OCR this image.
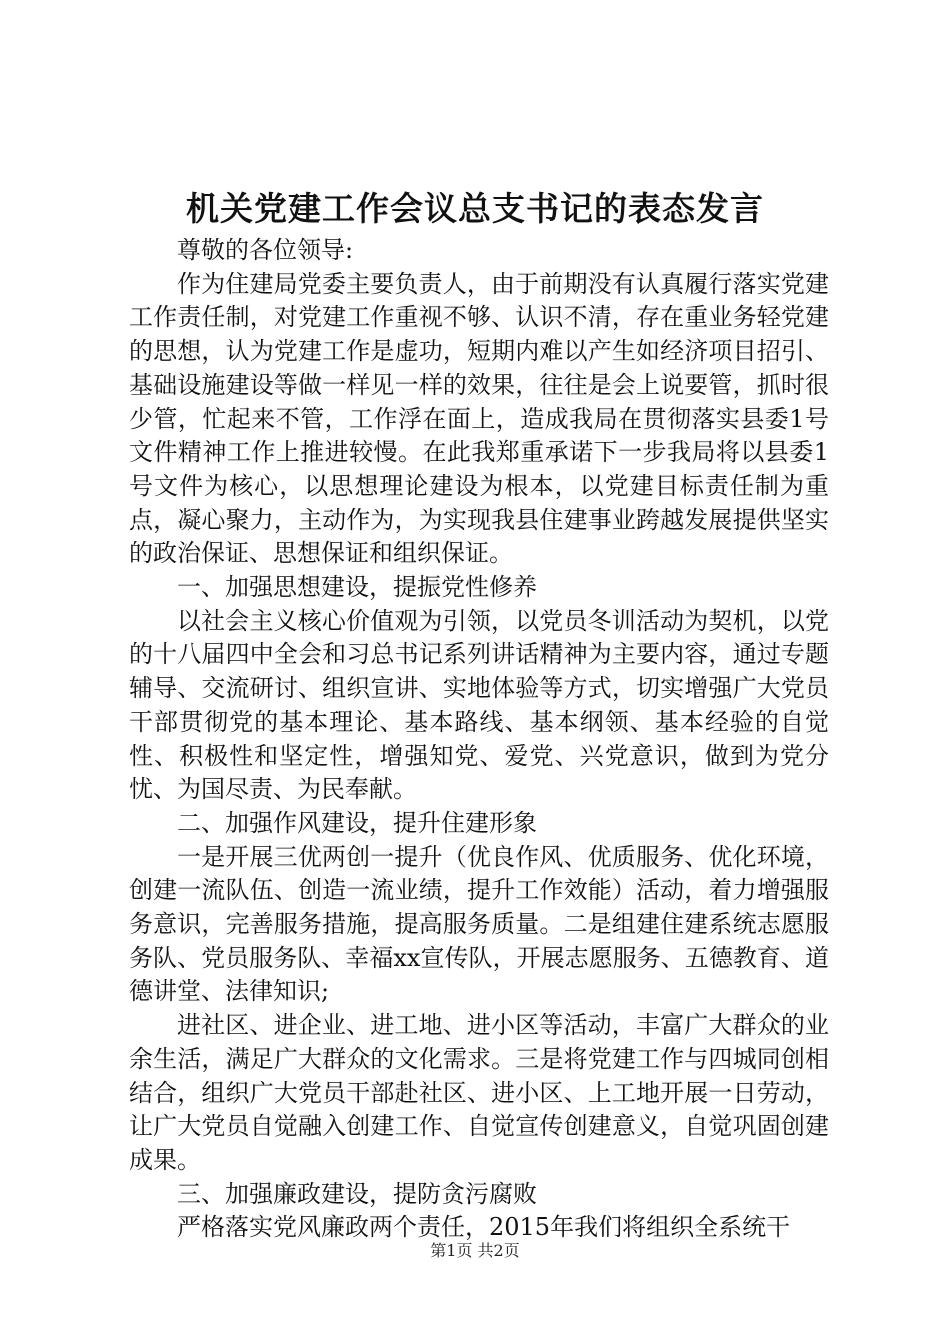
机关党建工作会议总支书记的表态发言

尊敬的各位领导:

作为住建局党委主要负责人，由于前期没有认真履行落实党建工作责任制，对党建工作重视不够、认识不清，存在重业务轻党建的思想，认为党建工作是虚功，短期内难以产生如经济项目招引、基础设施建设等做一样见一样的效果，往往是会上说要管，抓时很少管，忙起来不管，工作浮在面上，造成我局在贯彻落实县委1号文件精神工作上推进较慢。在此我郑重承诺下一步我局将以县委1号文件为核心，以思想理论建设为根本，以党建目标责任制为重点，凝心聚力，主动作为，为实现我县住建事业跨越发展提供坚实的政治保证、思想保证和组织保证。

一、加强思想建设，提振党性修养

以社会主义核心价值观为引领，以党员冬训活动为契机，以党的十八届四中全会和习总书记系列讲话精神为主要内容，通过专题辅导、交流研讨、组织宣讲、实地体验等方式，切实增强广大党员干部贯彻党的基本理论、基本路线、基本纲领、基本经验的自觉性、积极性和坚定性，增强知党、爱党、兴党意识，做到为党分忧、为国尽责、为民奉献。

二、加强作风建设，提升住建形象

一是开展三优两创一提升（优良作风、优质服务、优化环境，创建一流队伍、创造一流业绩，提升工作效能）活动，着力增强服务意识，完善服务措施，提高服务质量。二是组建住建系统志愿服务队、党员服务队、幸福xx宣传队，开展志愿服务、五德教育、道德讲堂、法律知识;

进社区、进企业、进工地、进小区等活动，丰富广大群众的业余生活，满足广大群众的文化需求。三是将党建工作与四城同创相结合，组织广大党员干部赴社区、进小区、上工地开展一日劳动，让广大党员自觉融入创建工作、自觉宣传创建意义，自觉巩固创建成果。

三、加强廉政建设，提防贪污腐败

严格落实党风廉政两个责任，2015年我们将组织全系统干

第1页 共2页
